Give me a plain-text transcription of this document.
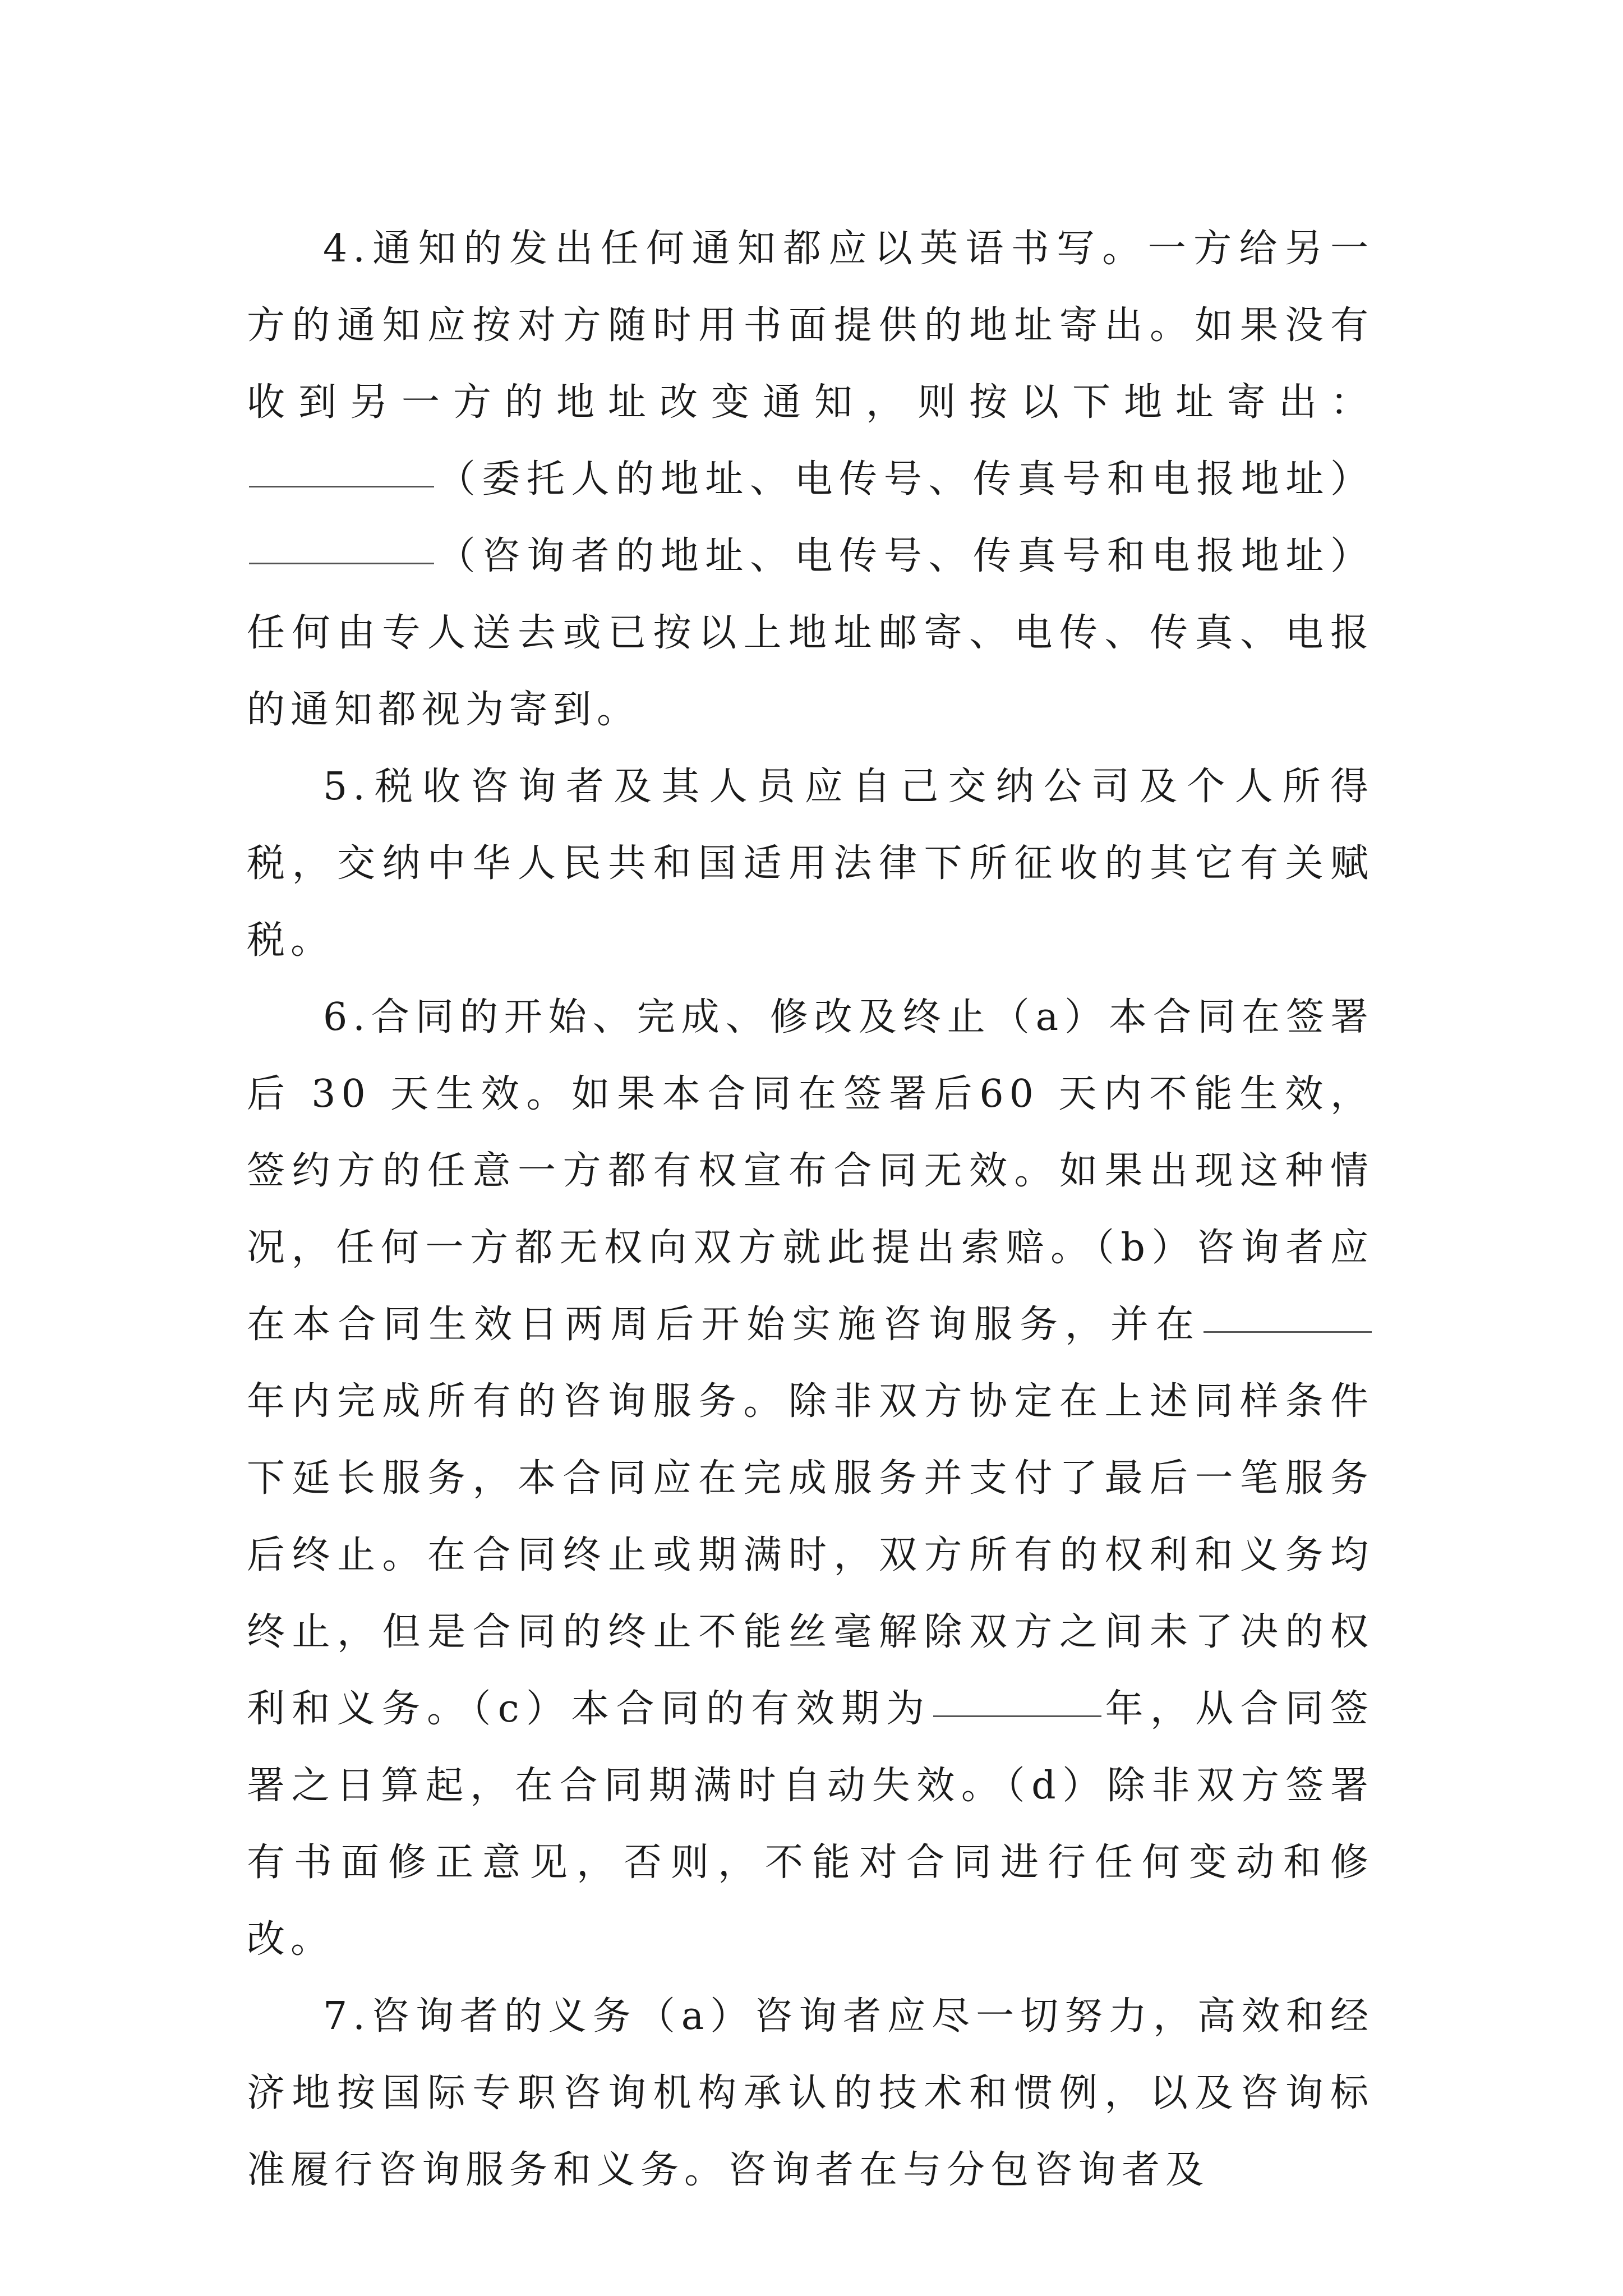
4.通知的发出任何通知都应以英语书写。一方给另一方的通知应按对方随时用书面提供的地址寄出。如果没有收到另一方的地址改变通知，则按以下地址寄出：（委托人的地址、电传号、传真号和电报地址）（咨询者的地址、电传号、传真号和电报地址） 任何由专人送去或已按以上地址邮寄、电传、传真、电报的通知都视为寄到。

5.税收咨询者及其人员应自己交纳公司及个人所得税，交纳中华人民共和国适用法律下所征收的其它有关赋税。

6.合同的开始、完成、修改及终止（a）本合同在签署后 30 天生效。如果本合同在签署后60 天内不能生效，签约方的任意一方都有权宣布合同无效。如果出现这种情况，任何一方都无权向双方就此提出索赔。（b）咨询者应在本合同生效日两周后开始实施咨询服务，并在年内完成所有的咨询服务。除非双方协定在上述同样条件下延长服务，本合同应在完成服务并支付了最后一笔服务后终止。在合同终止或期满时，双方所有的权利和义务均终止，但是合同的终止不能丝毫解除双方之间未了决的权利和义务。（c）本合同的有效期为	年，从合同签署之日算起，在合同期满时自动失效。（d）除非双方签署有书面修正意见，否则，不能对合同进行任何变动和修改。

7.咨询者的义务（a）咨询者应尽一切努力，高效和经济地按国际专职咨询机构承认的技术和惯例，以及咨询标准履行咨询服务和义务。咨询者在与分包咨询者及
